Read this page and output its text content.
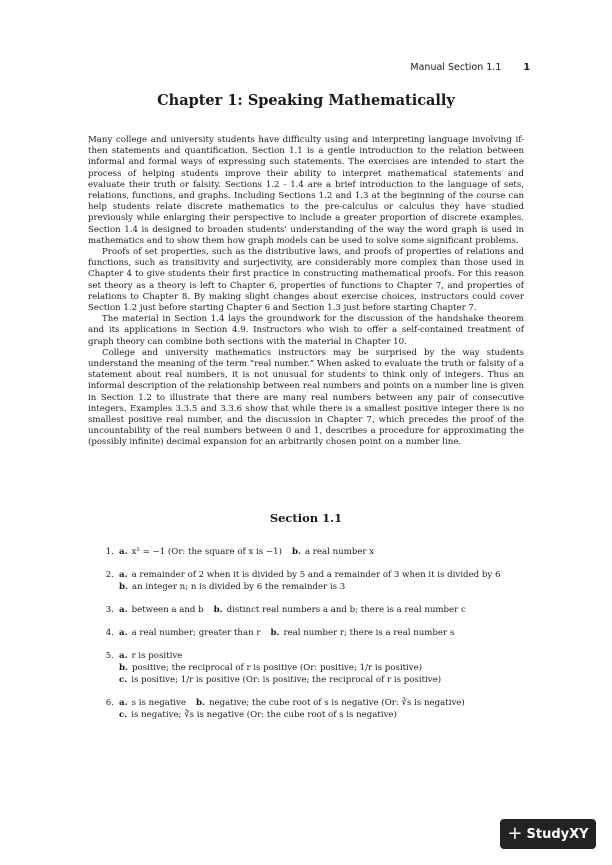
Manual Section 1.1 1
Chapter 1: Speaking Mathematically

Many college and university students have difficulty using and interpreting language involving if-then statements and quantification. Section 1.1 is a gentle introduction to the relation between informal and formal ways of expressing such statements. The exercises are intended to start the process of helping students improve their ability to interpret mathematical statements and evaluate their truth or falsity. Sections 1.2 - 1.4 are a brief introduction to the language of sets, relations, functions, and graphs. Including Sections 1.2 and 1.3 at the beginning of the course can help students relate discrete mathematics to the pre-calculus or calculus they have studied previously while enlarging their perspective to include a greater proportion of discrete examples. Section 1.4 is designed to broaden students' understanding of the way the word graph is used in mathematics and to show them how graph models can be used to solve some significant problems.

Proofs of set properties, such as the distributive laws, and proofs of properties of relations and functions, such as transitivity and surjectivity, are considerably more complex than those used in Chapter 4 to give students their first practice in constructing mathematical proofs. For this reason set theory as a theory is left to Chapter 6, properties of functions to Chapter 7, and properties of relations to Chapter 8. By making slight changes about exercise choices, instructors could cover Section 1.2 just before starting Chapter 6 and Section 1.3 just before starting Chapter 7.

The material in Section 1.4 lays the groundwork for the discussion of the handshake theorem and its applications in Section 4.9. Instructors who wish to offer a self-contained treatment of graph theory can combine both sections with the material in Chapter 10.

College and university mathematics instructors may be surprised by the way students understand the meaning of the term “real number.” When asked to evaluate the truth or falsity of a statement about real numbers, it is not unusual for students to think only of integers. Thus an informal description of the relationship between real numbers and points on a number line is given in Section 1.2 to illustrate that there are many real numbers between any pair of consecutive integers, Examples 3.3.5 and 3.3.6 show that while there is a smallest positive integer there is no smallest positive real number, and the discussion in Chapter 7, which precedes the proof of the uncountability of the real numbers between 0 and 1, describes a procedure for approximating the (possibly infinite) decimal expansion for an arbitrarily chosen point on a number line.

Section 1.1
1. a. x² = −1 (Or: the square of x is −1) b. a real number x
2. a. a remainder of 2 when it is divided by 5 and a remainder of 3 when it is divided by 6
b. an integer n; n is divided by 6 the remainder is 3
3. a. between a and b b. distinct real numbers a and b; there is a real number c
4. a. a real number; greater than r b. real number r; there is a real number s
5. a. r is positive
b. positive; the reciprocal of r is positive (Or: positive; 1/r is positive)
c. is positive; 1/r is positive (Or: is positive; the reciprocal of r is positive)
6. a. s is negative b. negative; the cube root of s is negative (Or: ∛s is negative)
c. is negative; ∛s is negative (Or: the cube root of s is negative)
+ StudyXY
